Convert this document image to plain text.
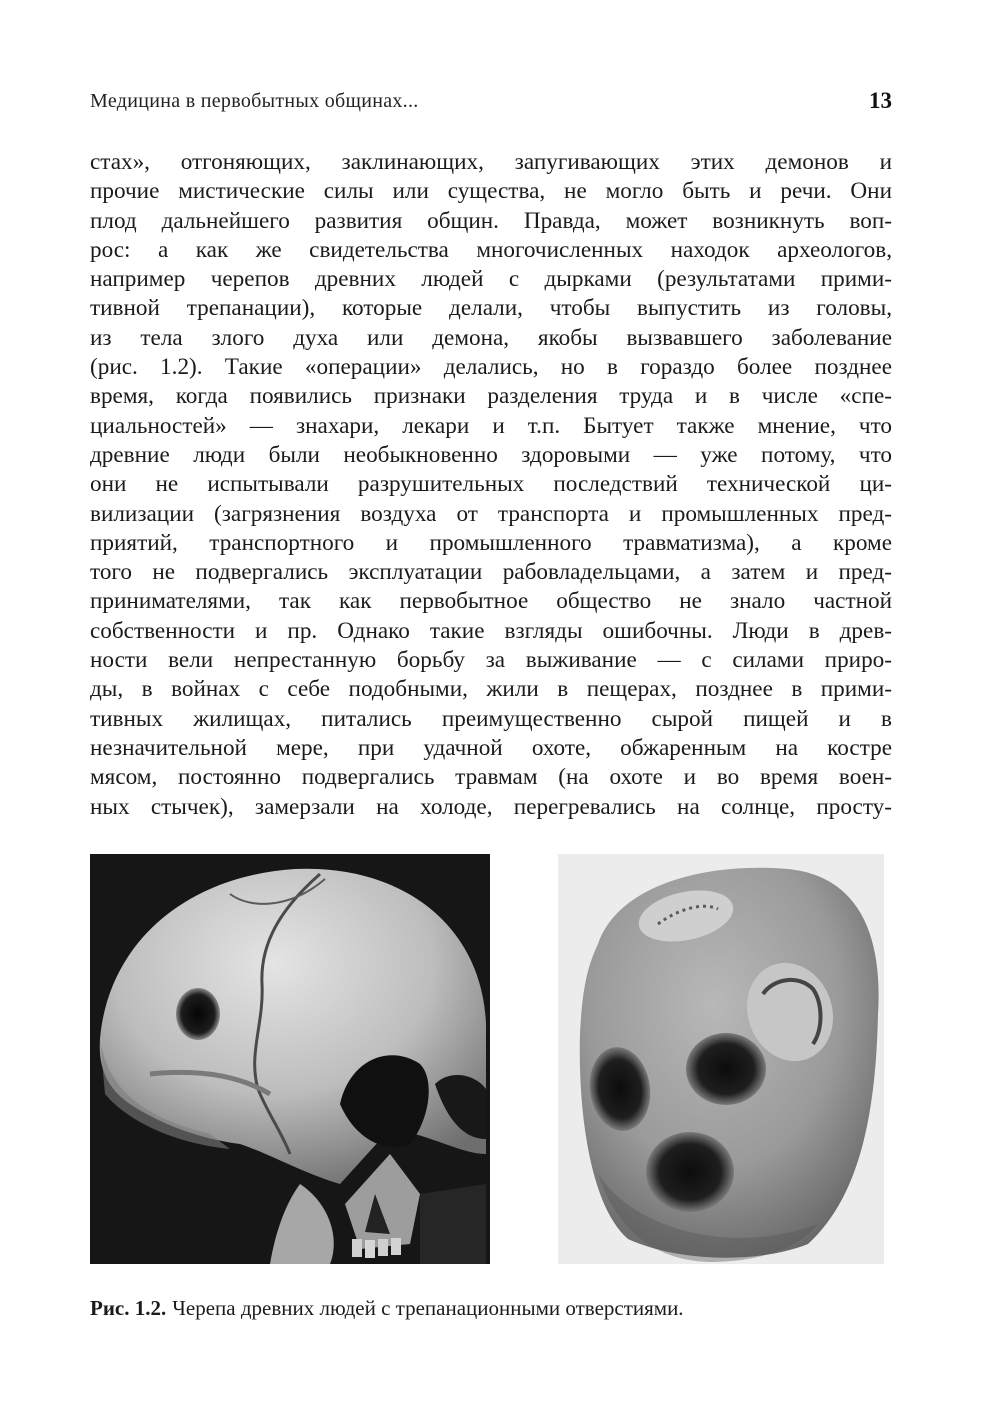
Медицина в первобытных общинах...	13
стах», отгоняющих, заклинающих, запугивающих этих демонов и
прочие мистические силы или существа, не могло быть и речи. Они
плод дальнейшего развития общин. Правда, может возникнуть воп-
рос: а как же свидетельства многочисленных находок археологов,
например черепов древних людей с дырками (результатами прими-
тивной трепанации), которые делали, чтобы выпустить из головы,
из тела злого духа или демона, якобы вызвавшего заболевание
(рис. 1.2). Такие «операции» делались, но в гораздо более позднее
время, когда появились признаки разделения труда и в числе «спе-
циальностей» — знахари, лекари и т.п. Бытует также мнение, что
древние люди были необыкновенно здоровыми — уже потому, что
они не испытывали разрушительных последствий технической ци-
вилизации (загрязнения воздуха от транспорта и промышленных пред-
приятий, транспортного и промышленного травматизма), а кроме
того не подвергались эксплуатации рабовладельцами, а затем и пред-
принимателями, так как первобытное общество не знало частной
собственности и пр. Однако такие взгляды ошибочны. Люди в древ-
ности вели непрестанную борьбу за выживание — с силами приро-
ды, в войнах с себе подобными, жили в пещерах, позднее в прими-
тивных жилищах, питались преимущественно сырой пищей и в
незначительной мере, при удачной охоте, обжаренным на костре
мясом, постоянно подвергались травмам (на охоте и во время воен-
ных стычек), замерзали на холоде, перегревались на солнце, просту-
Рис. 1.2. Черепа древних людей с трепанационными отверстиями.
